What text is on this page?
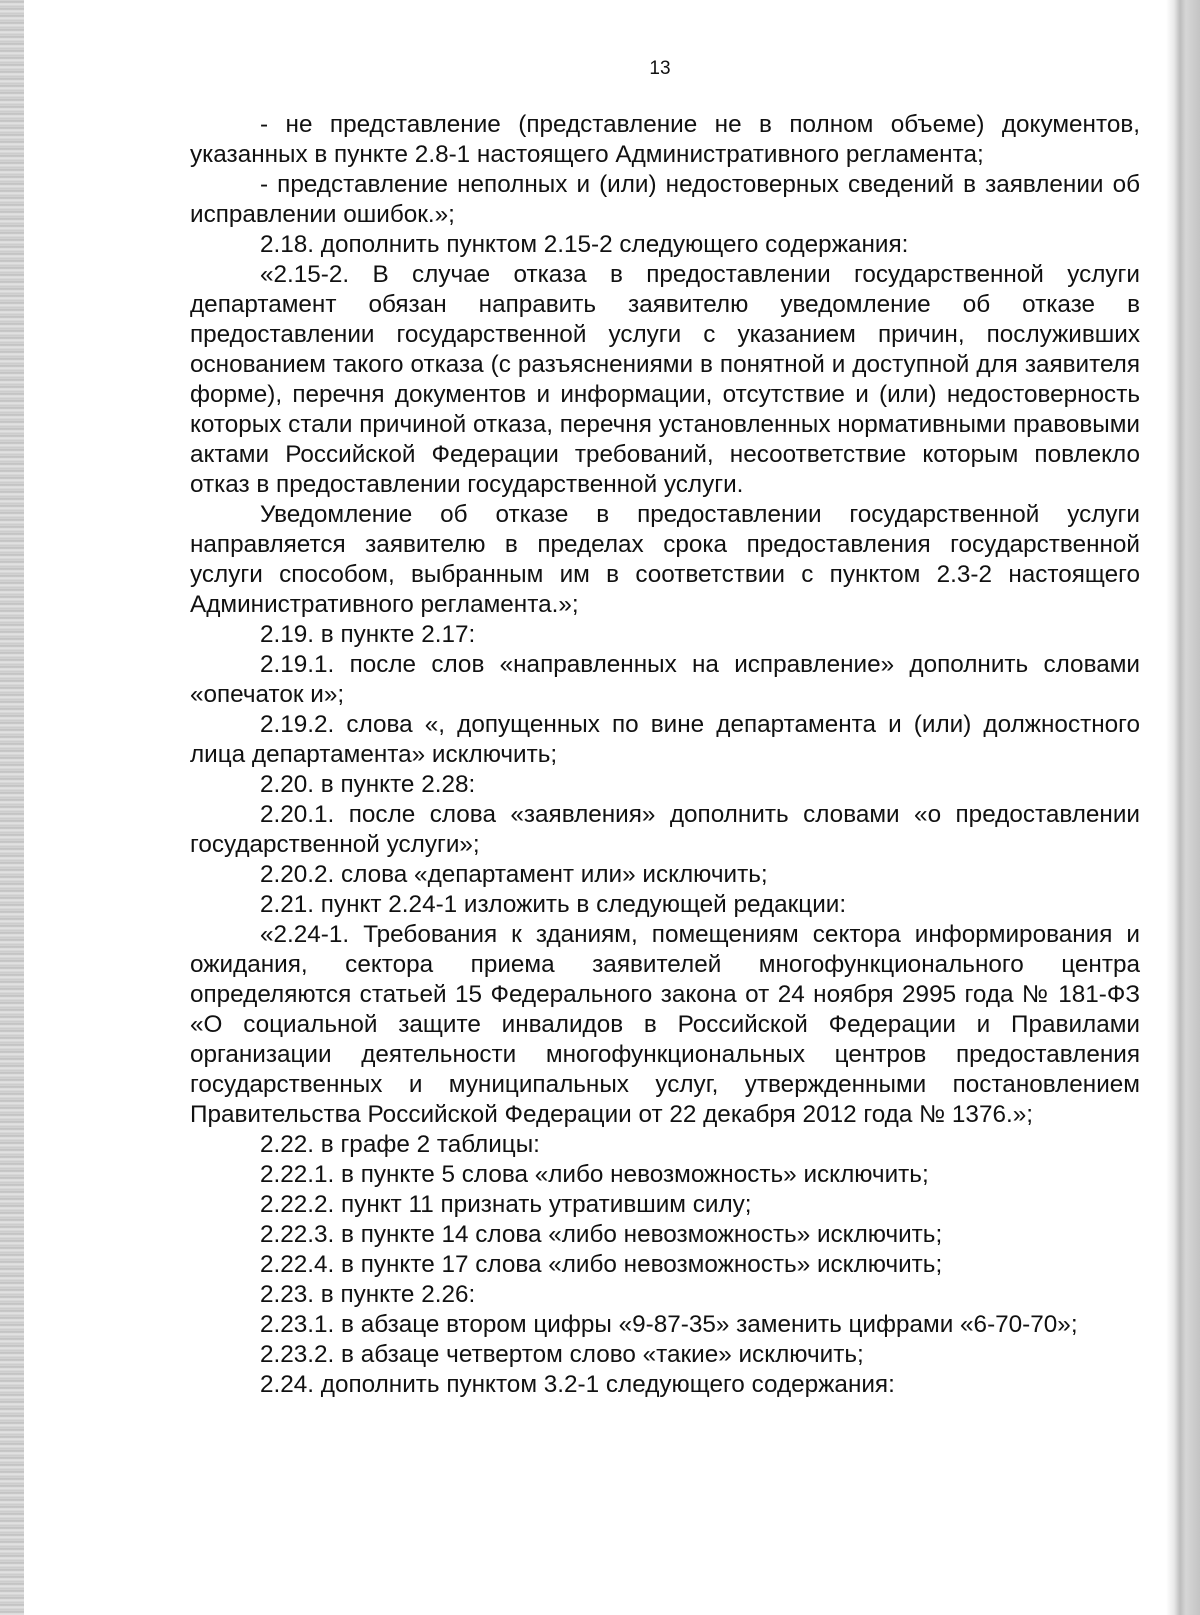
13

- не представление (представление не в полном объеме) документов, указанных в пункте 2.8-1 настоящего Административного регламента;

- представление неполных и (или) недостоверных сведений в заявлении об исправлении ошибок.»;

2.18. дополнить пунктом 2.15-2 следующего содержания:

«2.15-2. В случае отказа в предоставлении государственной услуги департамент обязан направить заявителю уведомление об отказе в предоставлении государственной услуги с указанием причин, послуживших основанием такого отказа (с разъяснениями в понятной и доступной для заявителя форме), перечня документов и информации, отсутствие и (или) недостоверность которых стали причиной отказа, перечня установленных нормативными правовыми актами Российской Федерации требований, несоответствие которым повлекло отказ в предоставлении государственной услуги.

Уведомление об отказе в предоставлении государственной услуги направляется заявителю в пределах срока предоставления государственной услуги способом, выбранным им в соответствии с пунктом 2.3-2 настоящего Административного регламента.»;

2.19. в пункте 2.17:

2.19.1. после слов «направленных на исправление» дополнить словами «опечаток и»;

2.19.2. слова «, допущенных по вине департамента и (или) должностного лица департамента» исключить;

2.20. в пункте 2.28:

2.20.1. после слова «заявления» дополнить словами «о предоставлении государственной услуги»;

2.20.2. слова «департамент или» исключить;

2.21. пункт 2.24-1 изложить в следующей редакции:

«2.24-1. Требования к зданиям, помещениям сектора информирования и ожидания, сектора приема заявителей многофункционального центра определяются статьей 15 Федерального закона от 24 ноября 2995 года № 181-ФЗ «О социальной защите инвалидов в Российской Федерации и Правилами организации деятельности многофункциональных центров предоставления государственных и муниципальных услуг, утвержденными постановлением Правительства Российской Федерации от 22 декабря 2012 года № 1376.»;

2.22. в графе 2 таблицы:

2.22.1. в пункте 5 слова «либо невозможность» исключить;

2.22.2. пункт 11 признать утратившим силу;

2.22.3. в пункте 14 слова «либо невозможность» исключить;

2.22.4. в пункте 17 слова «либо невозможность» исключить;

2.23. в пункте 2.26:

2.23.1. в абзаце втором цифры «9-87-35» заменить цифрами «6-70-70»;

2.23.2. в абзаце четвертом слово «такие» исключить;

2.24. дополнить пунктом 3.2-1 следующего содержания:
